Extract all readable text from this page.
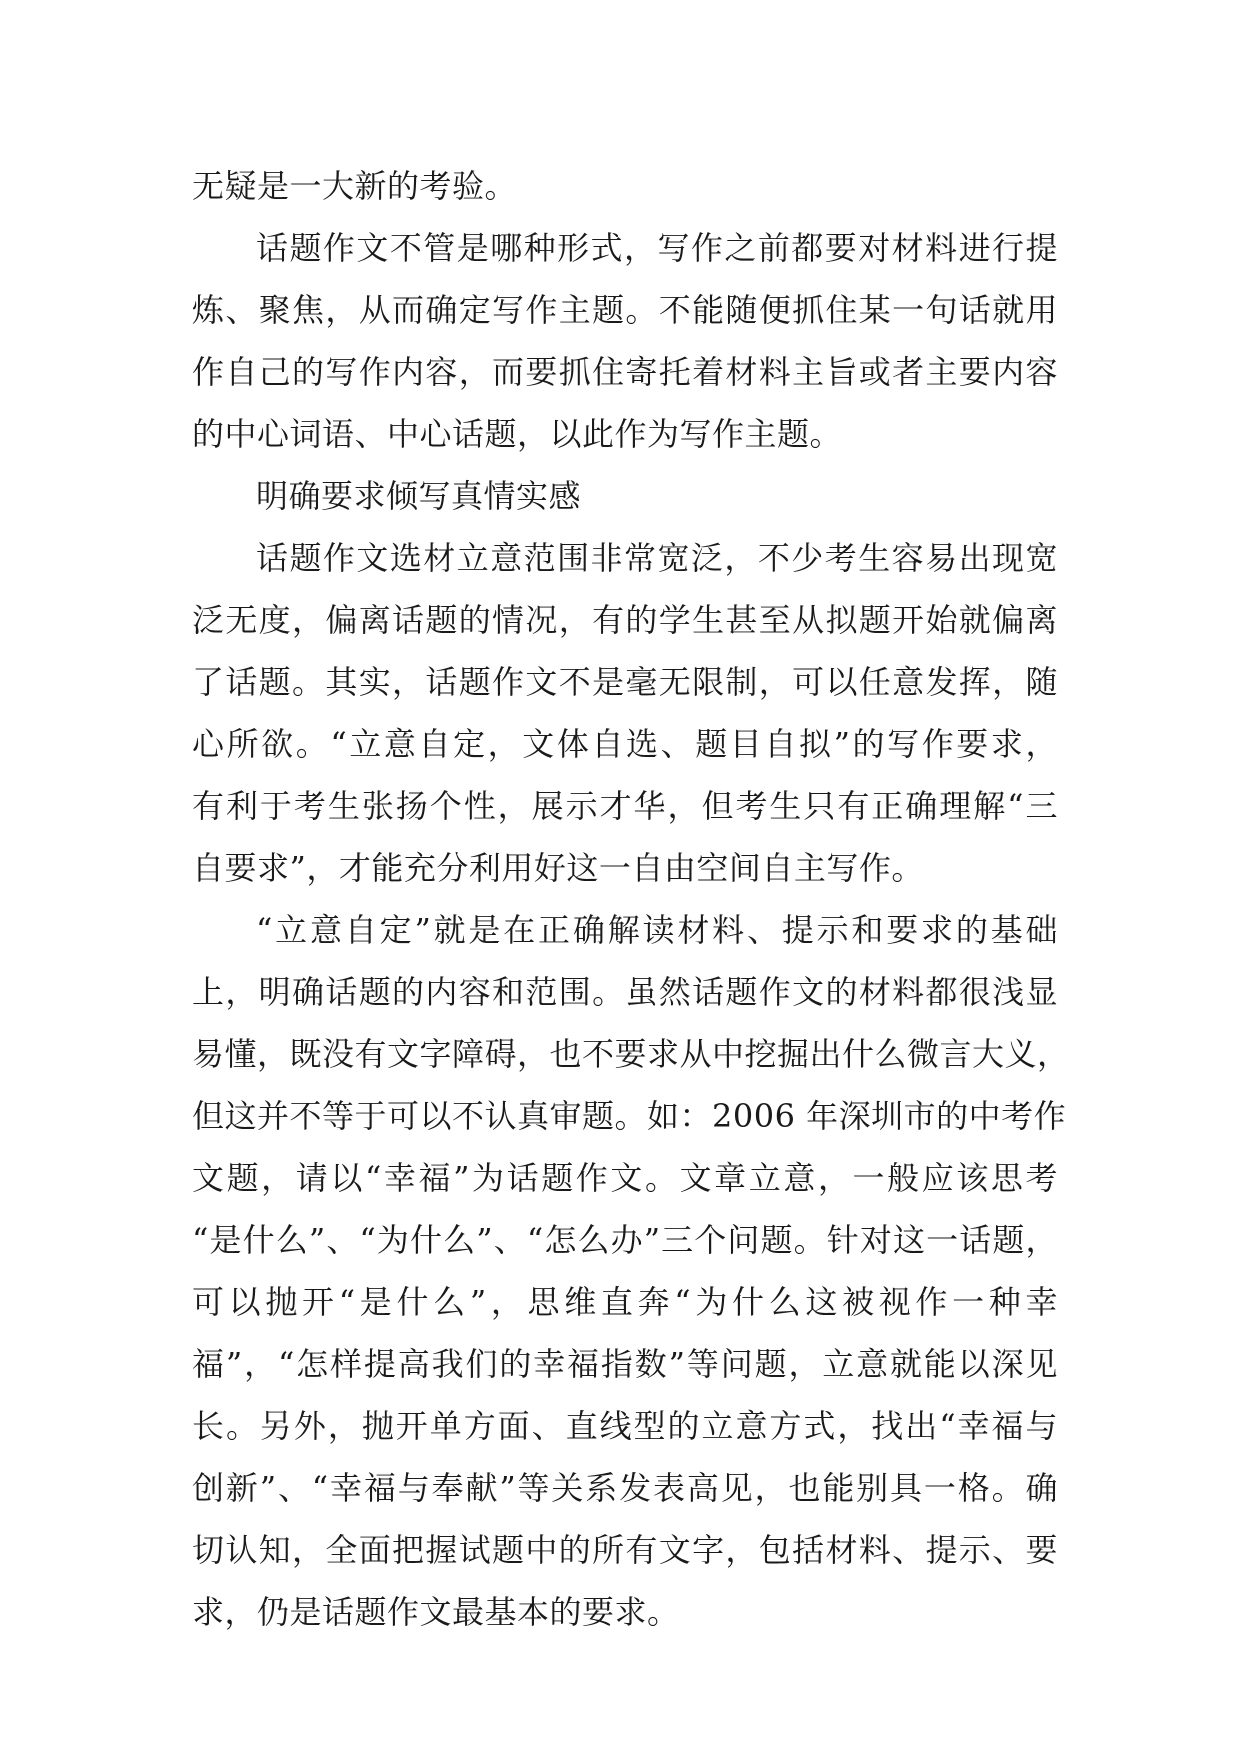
无疑是一大新的考验。
话题作文不管是哪种形式，写作之前都要对材料进行提
炼、聚焦，从而确定写作主题。不能随便抓住某一句话就用
作自己的写作内容，而要抓住寄托着材料主旨或者主要内容
的中心词语、中心话题，以此作为写作主题。
明确要求倾写真情实感
话题作文选材立意范围非常宽泛，不少考生容易出现宽
泛无度，偏离话题的情况，有的学生甚至从拟题开始就偏离
了话题。其实，话题作文不是毫无限制，可以任意发挥，随
心所欲。“立意自定，文体自选、题目自拟”的写作要求，
有利于考生张扬个性，展示才华，但考生只有正确理解“三
自要求”，才能充分利用好这一自由空间自主写作。
“立意自定”就是在正确解读材料、提示和要求的基础
上，明确话题的内容和范围。虽然话题作文的材料都很浅显
易懂，既没有文字障碍，也不要求从中挖掘出什么微言大义，
但这并不等于可以不认真审题。如：2006 年深圳市的中考作
文题，请以“幸福”为话题作文。文章立意，一般应该思考
“是什么”、“为什么”、“怎么办”三个问题。针对这一话题，
可以抛开“是什么”，思维直奔“为什么这被视作一种幸
福”，“怎样提高我们的幸福指数”等问题，立意就能以深见
长。另外，抛开单方面、直线型的立意方式，找出“幸福与
创新”、“幸福与奉献”等关系发表高见，也能别具一格。确
切认知，全面把握试题中的所有文字，包括材料、提示、要
求，仍是话题作文最基本的要求。
